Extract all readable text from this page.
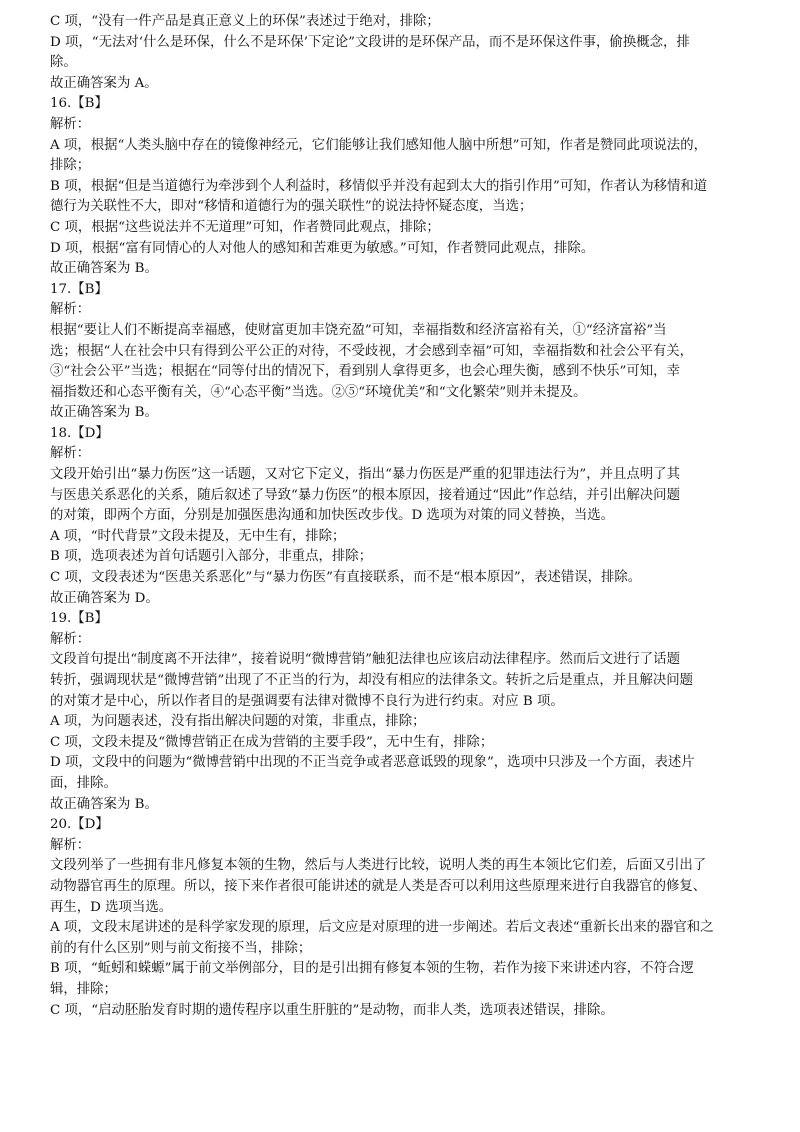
C 项，“没有一件产品是真正意义上的环保”表述过于绝对，排除；
D 项，“无法对‘什么是环保，什么不是环保’下定论”文段讲的是环保产品，而不是环保这件事，偷换概念，排
除。
故正确答案为 A。
16.【B】
解析：
A 项，根据“人类头脑中存在的镜像神经元，它们能够让我们感知他人脑中所想”可知，作者是赞同此项说法的，
排除；
B 项，根据“但是当道德行为牵涉到个人利益时，移情似乎并没有起到太大的指引作用”可知，作者认为移情和道
德行为关联性不大，即对“移情和道德行为的强关联性”的说法持怀疑态度，当选；
C 项，根据“这些说法并不无道理”可知，作者赞同此观点，排除；
D 项，根据“富有同情心的人对他人的感知和苦难更为敏感。”可知，作者赞同此观点，排除。
故正确答案为 B。
17.【B】
解析：
根据“要让人们不断提高幸福感，使财富更加丰饶充盈”可知，幸福指数和经济富裕有关，①“经济富裕”当
选；根据“人在社会中只有得到公平公正的对待，不受歧视，才会感到幸福”可知，幸福指数和社会公平有关，
③“社会公平”当选；根据在“同等付出的情况下，看到别人拿得更多，也会心理失衡，感到不快乐”可知，幸
福指数还和心态平衡有关，④“心态平衡”当选。②⑤“环境优美”和“文化繁荣”则并未提及。
故正确答案为 B。
18.【D】
解析：
文段开始引出“暴力伤医”这一话题，又对它下定义，指出“暴力伤医是严重的犯罪违法行为”，并且点明了其
与医患关系恶化的关系，随后叙述了导致“暴力伤医”的根本原因，接着通过“因此”作总结，并引出解决问题
的对策，即两个方面，分别是加强医患沟通和加快医改步伐。D 选项为对策的同义替换，当选。
A 项，“时代背景”文段未提及，无中生有，排除；
B 项，选项表述为首句话题引入部分，非重点，排除；
C 项，文段表述为“医患关系恶化”与“暴力伤医”有直接联系，而不是“根本原因”，表述错误，排除。
故正确答案为 D。
19.【B】
解析：
文段首句提出“制度离不开法律”，接着说明“微博营销”触犯法律也应该启动法律程序。然而后文进行了话题
转折，强调现状是“微博营销”出现了不正当的行为，却没有相应的法律条文。转折之后是重点，并且解决问题
的对策才是中心，所以作者目的是强调要有法律对微博不良行为进行约束。对应 B 项。
A 项，为问题表述，没有指出解决问题的对策，非重点，排除；
C 项，文段未提及“微博营销正在成为营销的主要手段”，无中生有，排除；
D 项，文段中的问题为“微博营销中出现的不正当竞争或者恶意诋毁的现象”，选项中只涉及一个方面，表述片
面，排除。
故正确答案为 B。
20.【D】
解析：
文段列举了一些拥有非凡修复本领的生物，然后与人类进行比较，说明人类的再生本领比它们差，后面又引出了
动物器官再生的原理。所以，接下来作者很可能讲述的就是人类是否可以利用这些原理来进行自我器官的修复、
再生，D 选项当选。
A 项，文段末尾讲述的是科学家发现的原理，后文应是对原理的进一步阐述。若后文表述“重新长出来的器官和之
前的有什么区别”则与前文衔接不当，排除；
B 项，“蚯蚓和蝾螈”属于前文举例部分，目的是引出拥有修复本领的生物，若作为接下来讲述内容，不符合逻
辑，排除；
C 项，“启动胚胎发育时期的遗传程序以重生肝脏的”是动物，而非人类，选项表述错误，排除。
